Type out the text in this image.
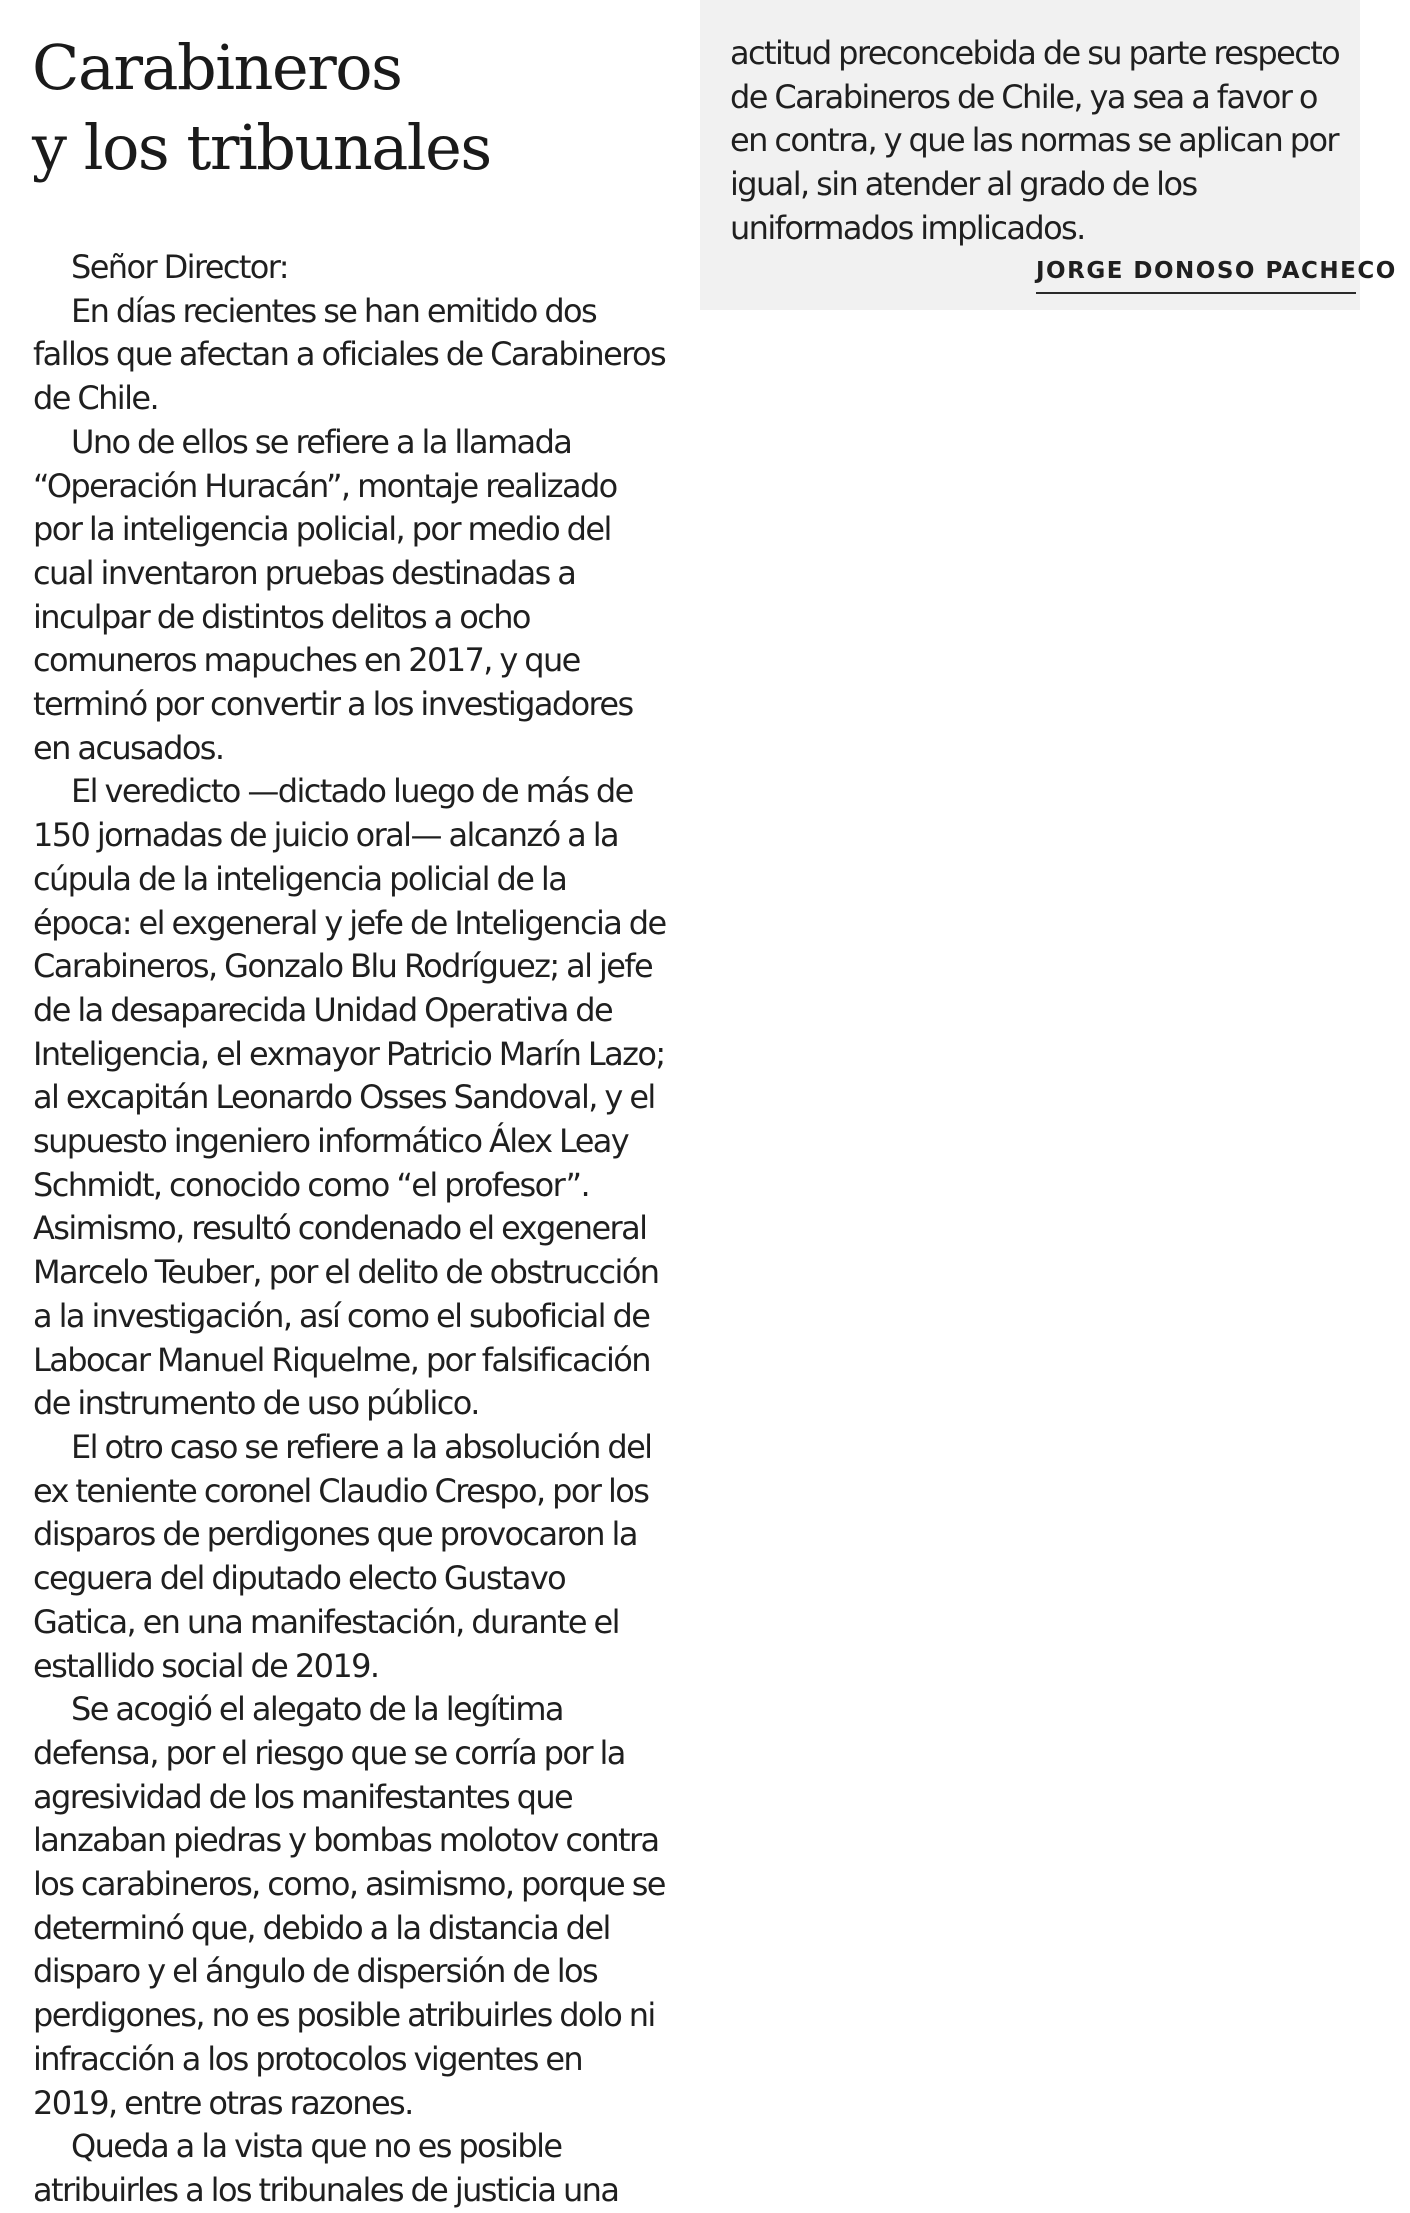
Carabineros
y los tribunales

Señor Director:

En días recientes se han emitido dos fallos que afectan a oficiales de Carabineros de Chile.

Uno de ellos se refiere a la llamada “Operación Huracán”, montaje realizado por la inteligencia policial, por medio del cual inventaron pruebas destinadas a inculpar de distintos delitos a ocho comuneros mapuches en 2017, y que terminó por convertir a los investigadores en acusados.

El veredicto —dictado luego de más de 150 jornadas de juicio oral— alcanzó a la cúpula de la inteligencia policial de la época: el exgeneral y jefe de Inteligencia de Carabineros, Gonzalo Blu Rodríguez; al jefe de la desaparecida Unidad Operativa de Inteligencia, el exmayor Patricio Marín Lazo; al excapitán Leonardo Osses Sandoval, y el supuesto ingeniero informático Álex Leay Schmidt, conocido como “el profesor”. Asimismo, resultó condenado el exgeneral Marcelo Teuber, por el delito de obstrucción a la investigación, así como el suboficial de Labocar Manuel Riquelme, por falsificación de instrumento de uso público.

El otro caso se refiere a la absolución del ex teniente coronel Claudio Crespo, por los disparos de perdigones que provocaron la ceguera del diputado electo Gustavo Gatica, en una manifestación, durante el estallido social de 2019.

Se acogió el alegato de la legítima defensa, por el riesgo que se corría por la agresividad de los manifestantes que lanzaban piedras y bombas molotov contra los carabineros, como, asimismo, porque se determinó que, debido a la distancia del disparo y el ángulo de dispersión de los perdigones, no es posible atribuirles dolo ni infracción a los protocolos vigentes en 2019, entre otras razones.

Queda a la vista que no es posible atribuirles a los tribunales de justicia una

actitud preconcebida de su parte respecto de Carabineros de Chile, ya sea a favor o en contra, y que las normas se aplican por igual, sin atender al grado de los uniformados implicados.

JORGE DONOSO PACHECO
